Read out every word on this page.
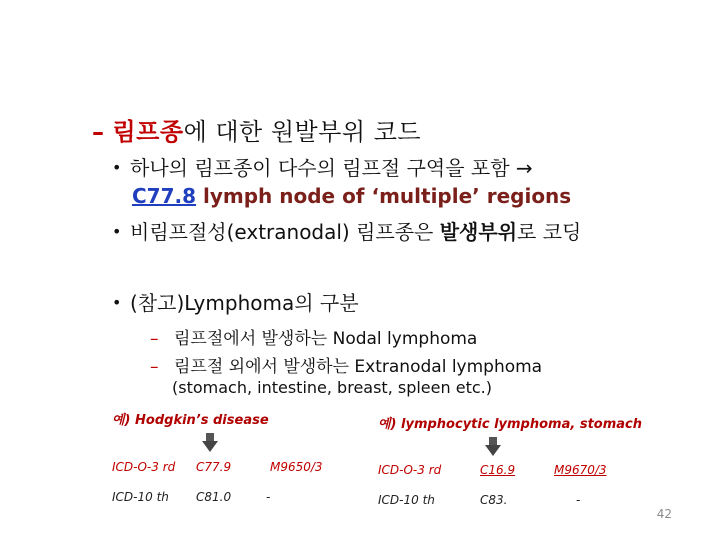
– 림프종에 대한 원발부위 코드
• 하나의 림프종이 다수의 림프절 구역을 포함 →
C77.8 lymph node of ‘multiple’ regions
• 비림프절성(extranodal) 림프종은 발생부위로 코딩
• (참고)Lymphoma의 구분
– 림프절에서 발생하는 Nodal lymphoma
– 림프절 외에서 발생하는 Extranodal lymphoma
(stomach, intestine, breast, spleen etc.)
예) Hodgkin’s disease
ICD-O-3 rd C77.9	M9650/3
ICD-10 th C81.0	-
예) lymphocytic lymphoma, stomach
ICD-O-3 rd	C16.9	M9670/3
ICD-10 th	C83.	-
42
